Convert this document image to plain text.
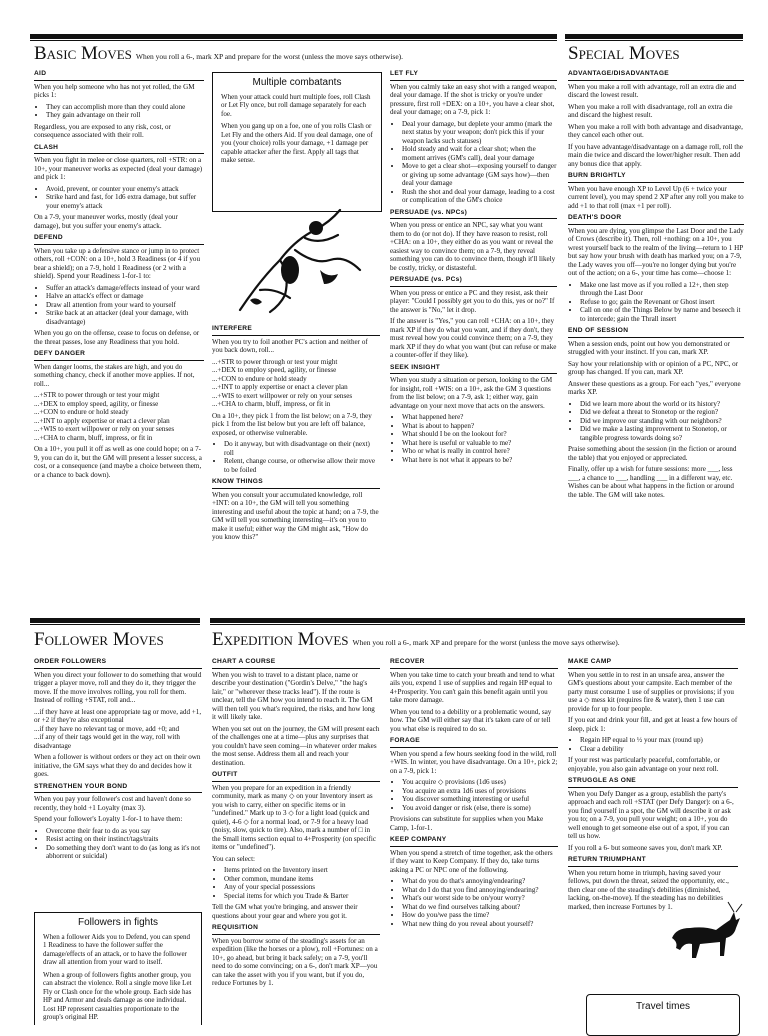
Basic Moves When you roll a 6-, mark XP and prepare for the worst (unless the move says otherwise).	Special Moves
AID

When you help someone who has not yet rolled, the GM picks 1:

• They can accomplish more than they could alone
• They gain advantage on their roll

Regardless, you are exposed to any risk, cost, or consequence associated with their roll.

CLASH

When you fight in melee or close quarters, roll +STR: on a 10+, your maneuver works as expected (deal your damage) and pick 1:

• Avoid, prevent, or counter your enemy's attack
• Strike hard and fast, for 1d6 extra damage, but suffer your enemy's attack

On a 7-9, your maneuver works, mostly (deal your damage), but you suffer your enemy's attack.

DEFEND

When you take up a defensive stance or jump in to protect others, roll +CON: on a 10+, hold 3 Readiness (or 4 if you bear a shield); on a 7-9, hold 1 Readiness (or 2 with a shield). Spend your Readiness 1-for-1 to:

• Suffer an attack's damage/effects instead of your ward
• Halve an attack's effect or damage
• Draw all attention from your ward to yourself
• Strike back at an attacker (deal your damage, with disadvantage)

When you go on the offense, cease to focus on defense, or the threat passes, lose any Readiness that you hold.

DEFY DANGER

When danger looms, the stakes are high, and you do something chancy, check if another move applies. If not, roll...

...+STR to power through or test your might
...+DEX to employ speed, agility, or finesse
...+CON to endure or hold steady
...+INT to apply expertise or enact a clever plan
...+WIS to exert willpower or rely on your senses
...+CHA to charm, bluff, impress, or fit in

On a 10+, you pull it off as well as one could hope; on a 7-9, you can do it, but the GM will present a lesser success, a cost, or a consequence (and maybe a choice between them, or a chance to back down).

Multiple combatants

When your attack could hurt multiple foes, roll Clash or Let Fly once, but roll damage separately for each foe.

When you gang up on a foe, one of you rolls Clash or Let Fly and the others Aid. If you deal damage, one of you (your choice) rolls your damage, +1 damage per capable attacker after the first. Apply all tags that make sense.

INTERFERE

When you try to foil another PC's action and neither of you back down, roll...

...+STR to power through or test your might
...+DEX to employ speed, agility, or finesse
...+CON to endure or hold steady
...+INT to apply expertise or enact a clever plan
...+WIS to exert willpower or rely on your senses
...+CHA to charm, bluff, impress, or fit in

On a 10+, they pick 1 from the list below; on a 7-9, they pick 1 from the list below but you are left off balance, exposed, or otherwise vulnerable.

• Do it anyway, but with disadvantage on their (next) roll
• Relent, change course, or otherwise allow their move to be foiled
KNOW THINGS

When you consult your accumulated knowledge, roll +INT: on a 10+, the GM will tell you something interesting and useful about the topic at hand; on a 7-9, the GM will tell you something interesting—it's on you to make it useful; either way the GM might ask, "How do you know this?"

LET FLY

When you calmly take an easy shot with a ranged weapon, deal your damage. If the shot is tricky or you're under pressure, first roll +DEX: on a 10+, you have a clear shot, deal your damage; on a 7-9, pick 1:

• Deal your damage, but deplete your ammo (mark the next status by your weapon; don't pick this if your weapon lacks such statuses)
• Hold steady and wait for a clear shot; when the moment arrives (GM's call), deal your damage
• Move to get a clear shot—exposing yourself to danger or giving up some advantage (GM says how)—then deal your damage
• Rush the shot and deal your damage, leading to a cost or complication of the GM's choice
PERSUADE (vs. NPCs)

When you press or entice an NPC, say what you want them to do (or not do). If they have reason to resist, roll +CHA: on a 10+, they either do as you want or reveal the easiest way to convince them; on a 7-9, they reveal something you can do to convince them, though it'll likely be costly, tricky, or distasteful.

PERSUADE (vs. PCs)

When you press or entice a PC and they resist, ask their player: "Could I possibly get you to do this, yes or no?" If the answer is "No," let it drop.

If the answer is "Yes," you can roll +CHA: on a 10+, they mark XP if they do what you want, and if they don't, they must reveal how you could convince them; on a 7-9, they mark XP if they do what you want (but can refuse or make a counter-offer if they like).

SEEK INSIGHT

When you study a situation or person, looking to the GM for insight, roll +WIS: on a 10+, ask the GM 3 questions from the list below; on a 7-9, ask 1; either way, gain advantage on your next move that acts on the answers.

• What happened here?
• What is about to happen?
• What should I be on the lookout for?
• What here is useful or valuable to me?
• Who or what is really in control here?
• What here is not what it appears to be?
ADVANTAGE/DISADVANTAGE

When you make a roll with advantage, roll an extra die and discard the lowest result.

When you make a roll with disadvantage, roll an extra die and discard the highest result.

When you make a roll with both advantage and disadvantage, they cancel each other out.

If you have advantage/disadvantage on a damage roll, roll the main die twice and discard the lower/higher result. Then add any bonus dice that apply.

BURN BRIGHTLY

When you have enough XP to Level Up (6 + twice your current level), you may spend 2 XP after any roll you make to add +1 to that roll (max +1 per roll).

DEATH'S DOOR

When you are dying, you glimpse the Last Door and the Lady of Crows (describe it). Then, roll +nothing: on a 10+, you wrest yourself back to the realm of the living—return to 1 HP but say how your brush with death has marked you; on a 7-9, the Lady waves you off—you're no longer dying but you're out of the action; on a 6-, your time has come—choose 1:

• Make one last move as if you rolled a 12+, then step through the Last Door
• Refuse to go; gain the Revenant or Ghost insert
• Call on one of the Things Below by name and beseech it to intercede; gain the Thrall insert
END OF SESSION

When a session ends, point out how you demonstrated or struggled with your instinct. If you can, mark XP.

Say how your relationship with or opinion of a PC, NPC, or group has changed. If you can, mark XP.

Answer these questions as a group. For each "yes," everyone marks XP.

• Did we learn more about the world or its history?
• Did we defeat a threat to Stonetop or the region?
• Did we improve our standing with our neighbors?
• Did we make a lasting improvement to Stonetop, or tangible progress towards doing so?

Praise something about the session (in the fiction or around the table) that you enjoyed or appreciated.

Finally, offer up a wish for future sessions: more ___, less ___, a chance to ___, handling ___ in a different way, etc. Wishes can be about what happens in the fiction or around the table. The GM will take notes.

Follower Moves
ORDER FOLLOWERS

When you direct your follower to do something that would trigger a player move, roll and they do it, they trigger the move. If the move involves rolling, you roll for them. Instead of rolling +STAT, roll and...

...if they have at least one appropriate tag or move, add +1, or +2 if they're also exceptional
...if they have no relevant tag or move, add +0; and
...if any of their tags would get in the way, roll with disadvantage

When a follower is without orders or they act on their own initiative, the GM says what they do and decides how it goes.

STRENGTHEN YOUR BOND

When you pay your follower's cost and haven't done so recently, they hold +1 Loyalty (max 3).

Spend your follower's Loyalty 1-for-1 to have them:

• Overcome their fear to do as you say
• Resist acting on their instinct/tags/traits
• Do something they don't want to do (as long as it's not abhorrent or suicidal)
Followers in fights

When a follower Aids you to Defend, you can spend 1 Readiness to have the follower suffer the damage/effects of an attack, or to have the follower draw all attention from your ward to itself.

When a group of followers fights another group, you can abstract the violence. Roll a single move like Let Fly or Clash once for the whole group. Each side has HP and Armor and deals damage as one individual. Lost HP represent casualties proportionate to the group's original HP.

Expedition Moves When you roll a 6-, mark XP and prepare for the worst (unless the move says otherwise).
CHART A COURSE

When you wish to travel to a distant place, name or describe your destination ("Gordin's Delve," "the hag's lair," or "wherever these tracks lead"). If the route is unclear, tell the GM how you intend to reach it. The GM will then tell you what's required, the risks, and how long it will likely take.

When you set out on the journey, the GM will present each of the challenges one at a time—plus any surprises that you couldn't have seen coming—in whatever order makes the most sense. Address them all and reach your destination.

OUTFIT

When you prepare for an expedition in a friendly community, mark as many ◇ on your Inventory insert as you wish to carry, either on specific items or in "undefined." Mark up to 3 ◇ for a light load (quick and quiet), 4-6 ◇ for a normal load, or 7-9 for a heavy load (noisy, slow, quick to tire). Also, mark a number of □ in the Small items section equal to 4+Prosperity (on specific items or "undefined").

You can select:

• Items printed on the Inventory insert
• Other common, mundane items
• Any of your special possessions
• Special items for which you Trade & Barter

Tell the GM what you're bringing, and answer their questions about your gear and where you got it.

REQUISITION

When you borrow some of the steading's assets for an expedition (like the horses or a plow), roll +Fortunes: on a 10+, go ahead, but bring it back safely; on a 7-9, you'll need to do some convincing; on a 6-, don't mark XP—you can take the asset with you if you want, but if you do, reduce Fortunes by 1.

RECOVER

When you take time to catch your breath and tend to what ails you, expend 1 use of supplies and regain HP equal to 4+Prosperity. You can't gain this benefit again until you take more damage.

When you tend to a debility or a problematic wound, say how. The GM will either say that it's taken care of or tell you what else is required to do so.

FORAGE

When you spend a few hours seeking food in the wild, roll +WIS. In winter, you have disadvantage. On a 10+, pick 2; on a 7-9, pick 1:

• You acquire ◇ provisions (1d6 uses)
• You acquire an extra 1d6 uses of provisions
• You discover something interesting or useful
• You avoid danger or risk (else, there is some)

Provisions can substitute for supplies when you Make Camp, 1-for-1.

KEEP COMPANY

When you spend a stretch of time together, ask the others if they want to Keep Company. If they do, take turns asking a PC or NPC one of the following.

• What do you do that's annoying/endearing?
• What do I do that you find annoying/endearing?
• What's our worst side to be on/your worry?
• What do we find ourselves talking about?
• How do you/we pass the time?
• What new thing do you reveal about yourself?
MAKE CAMP

When you settle in to rest in an unsafe area, answer the GM's questions about your campsite. Each member of the party must consume 1 use of supplies or provisions; if you use a ◇ mess kit (requires fire & water), then 1 use can provide for up to four people.

If you eat and drink your fill, and get at least a few hours of sleep, pick 1:

• Regain HP equal to ½ your max (round up)
• Clear a debility

If your rest was particularly peaceful, comfortable, or enjoyable, you also gain advantage on your next roll.

STRUGGLE AS ONE

When you Defy Danger as a group, establish the party's approach and each roll +STAT (per Defy Danger): on a 6-, you find yourself in a spot, the GM will describe it or ask you to; on a 7-9, you pull your weight; on a 10+, you do well enough to get someone else out of a spot, if you can tell us how.

If you roll a 6- but someone saves you, don't mark XP.

RETURN TRIUMPHANT

When you return home in triumph, having saved your fellows, put down the threat, seized the opportunity, etc., then clear one of the steading's debilities (diminished, lacking, on-the-move). If the steading has no debilities marked, then increase Fortunes by 1.

Travel times
